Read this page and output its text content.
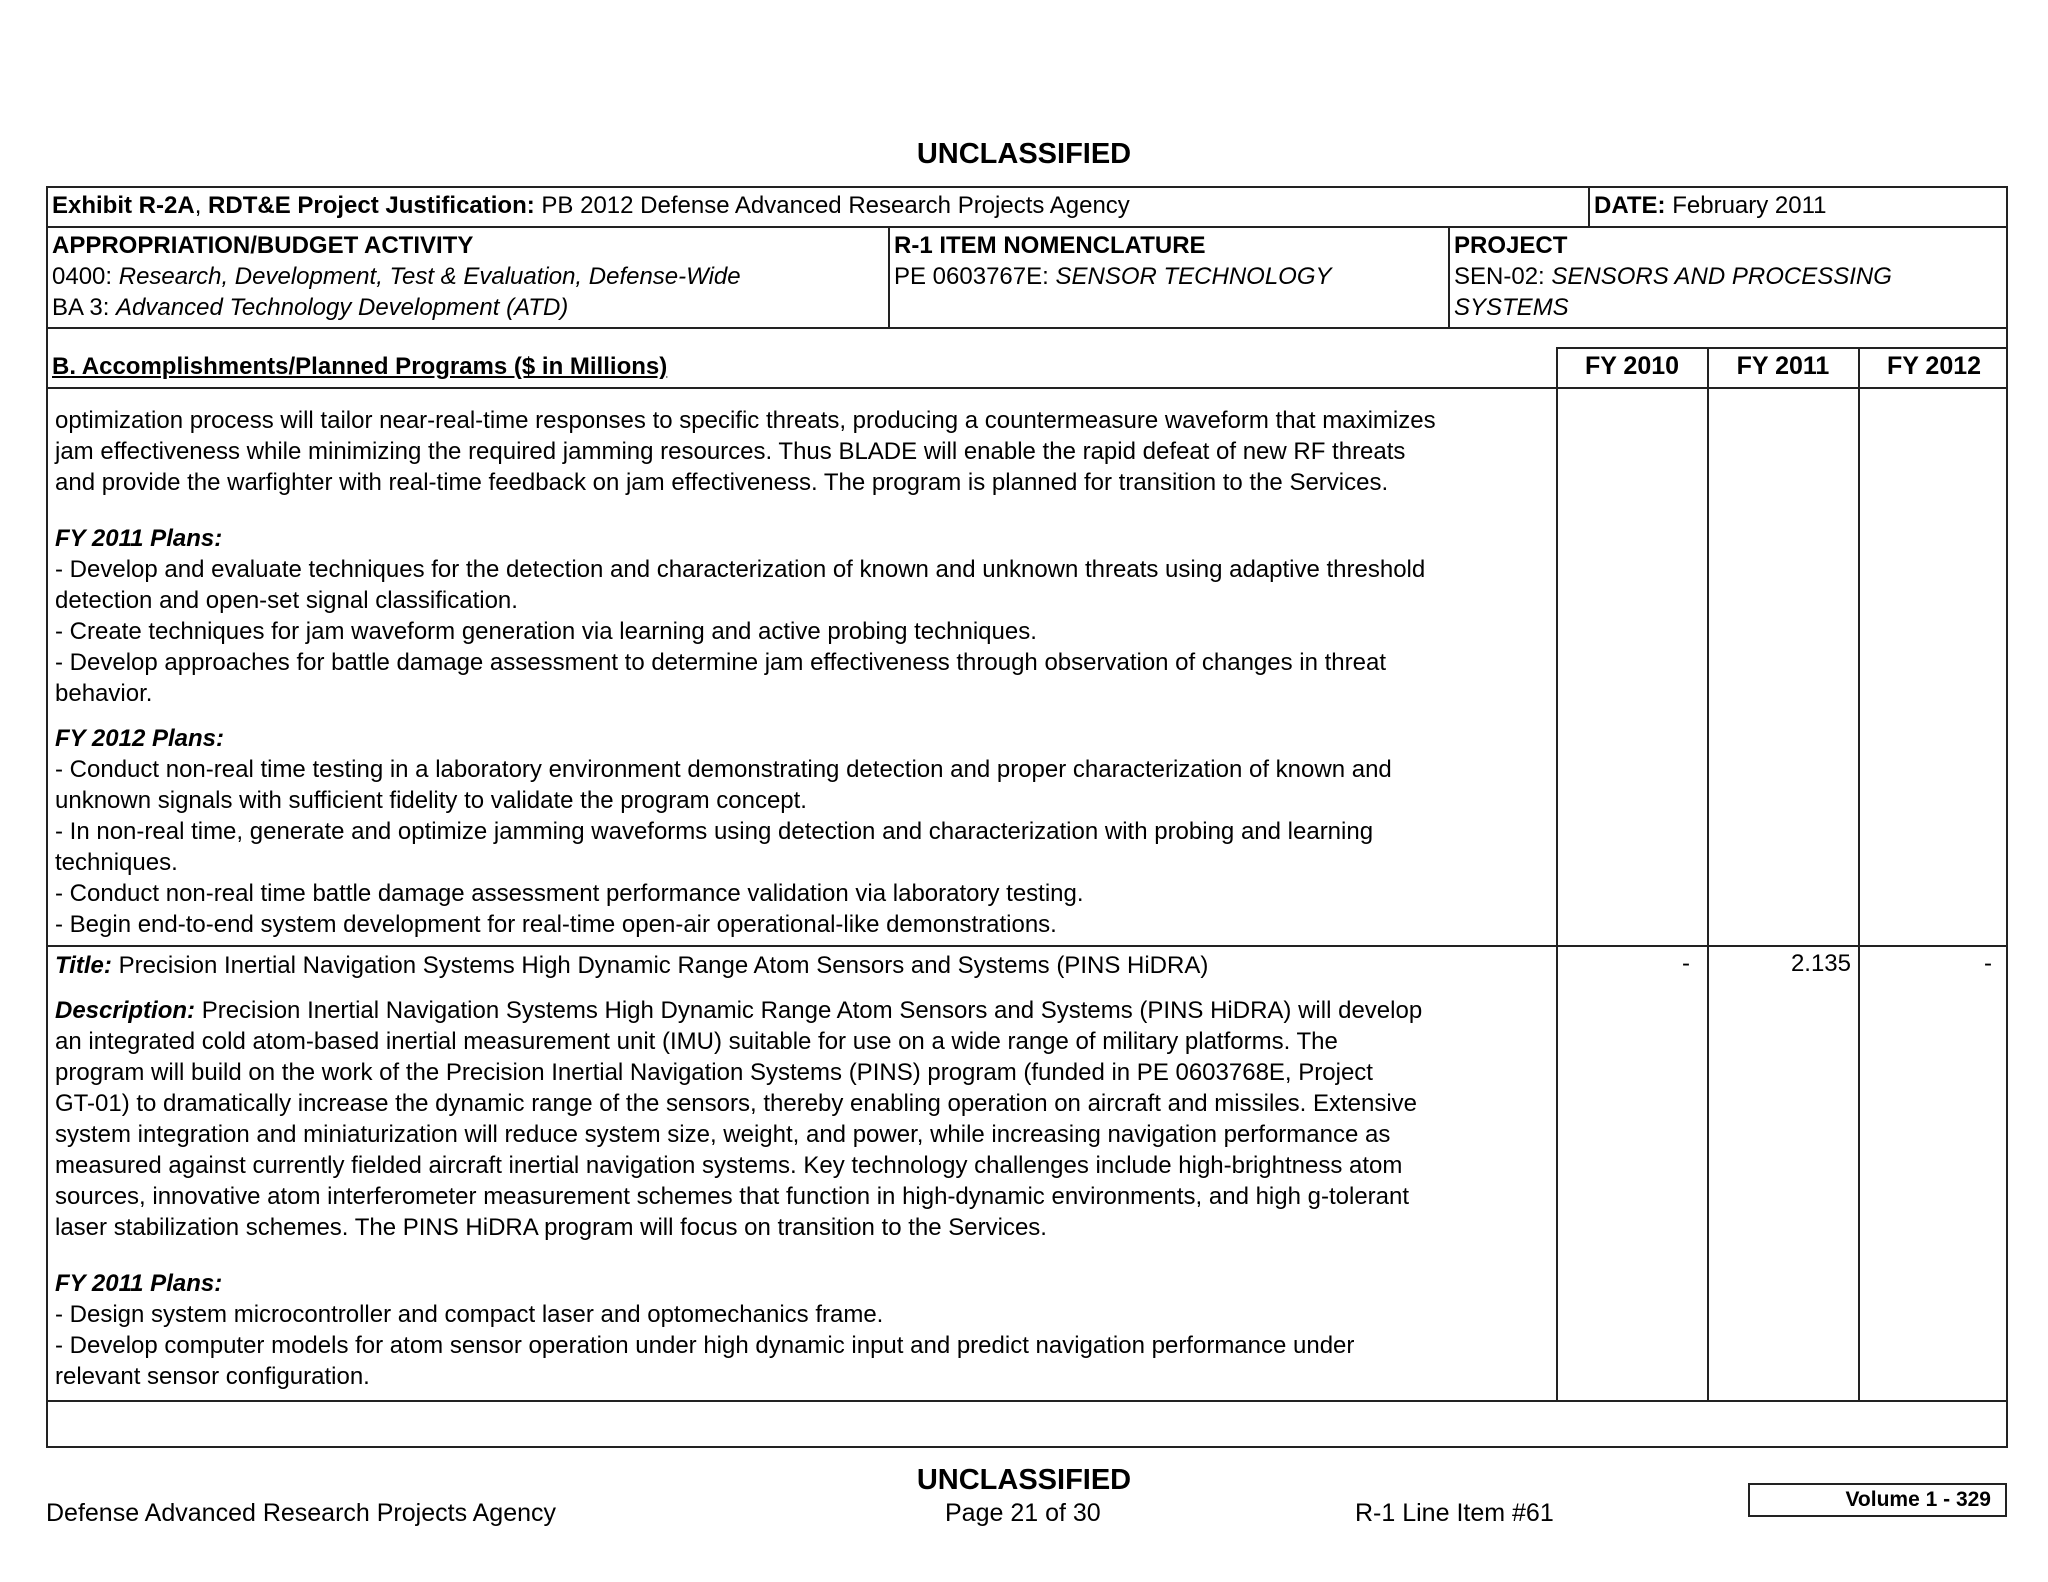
UNCLASSIFIED
Exhibit R-2A, RDT&E Project Justification: PB 2012 Defense Advanced Research Projects Agency	DATE: February 2011
APPROPRIATION/BUDGET ACTIVITY
0400: Research, Development, Test & Evaluation, Defense-Wide
BA 3: Advanced Technology Development (ATD)
R-1 ITEM NOMENCLATURE
PE 0603767E: SENSOR TECHNOLOGY
PROJECT
SEN-02: SENSORS AND PROCESSING
SYSTEMS
B. Accomplishments/Planned Programs ($ in Millions)	FY 2010	FY 2011	FY 2012
optimization process will tailor near-real-time responses to specific threats, producing a countermeasure waveform that maximizes
jam effectiveness while minimizing the required jamming resources. Thus BLADE will enable the rapid defeat of new RF threats
and provide the warfighter with real-time feedback on jam effectiveness. The program is planned for transition to the Services.
FY 2011 Plans:
- Develop and evaluate techniques for the detection and characterization of known and unknown threats using adaptive threshold
detection and open-set signal classification.
- Create techniques for jam waveform generation via learning and active probing techniques.
- Develop approaches for battle damage assessment to determine jam effectiveness through observation of changes in threat
behavior.
FY 2012 Plans:
- Conduct non-real time testing in a laboratory environment demonstrating detection and proper characterization of known and
unknown signals with sufficient fidelity to validate the program concept.
- In non-real time, generate and optimize jamming waveforms using detection and characterization with probing and learning
techniques.
- Conduct non-real time battle damage assessment performance validation via laboratory testing.
- Begin end-to-end system development for real-time open-air operational-like demonstrations.
Title: Precision Inertial Navigation Systems High Dynamic Range Atom Sensors and Systems (PINS HiDRA)	-	2.135	-
Description: Precision Inertial Navigation Systems High Dynamic Range Atom Sensors and Systems (PINS HiDRA) will develop
an integrated cold atom-based inertial measurement unit (IMU) suitable for use on a wide range of military platforms. The
program will build on the work of the Precision Inertial Navigation Systems (PINS) program (funded in PE 0603768E, Project
GT-01) to dramatically increase the dynamic range of the sensors, thereby enabling operation on aircraft and missiles. Extensive
system integration and miniaturization will reduce system size, weight, and power, while increasing navigation performance as
measured against currently fielded aircraft inertial navigation systems. Key technology challenges include high-brightness atom
sources, innovative atom interferometer measurement schemes that function in high-dynamic environments, and high g-tolerant
laser stabilization schemes. The PINS HiDRA program will focus on transition to the Services.
FY 2011 Plans:
- Design system microcontroller and compact laser and optomechanics frame.
- Develop computer models for atom sensor operation under high dynamic input and predict navigation performance under
relevant sensor configuration.
UNCLASSIFIED
Defense Advanced Research Projects Agency	Page 21 of 30	R-1 Line Item #61	Volume 1 - 329
